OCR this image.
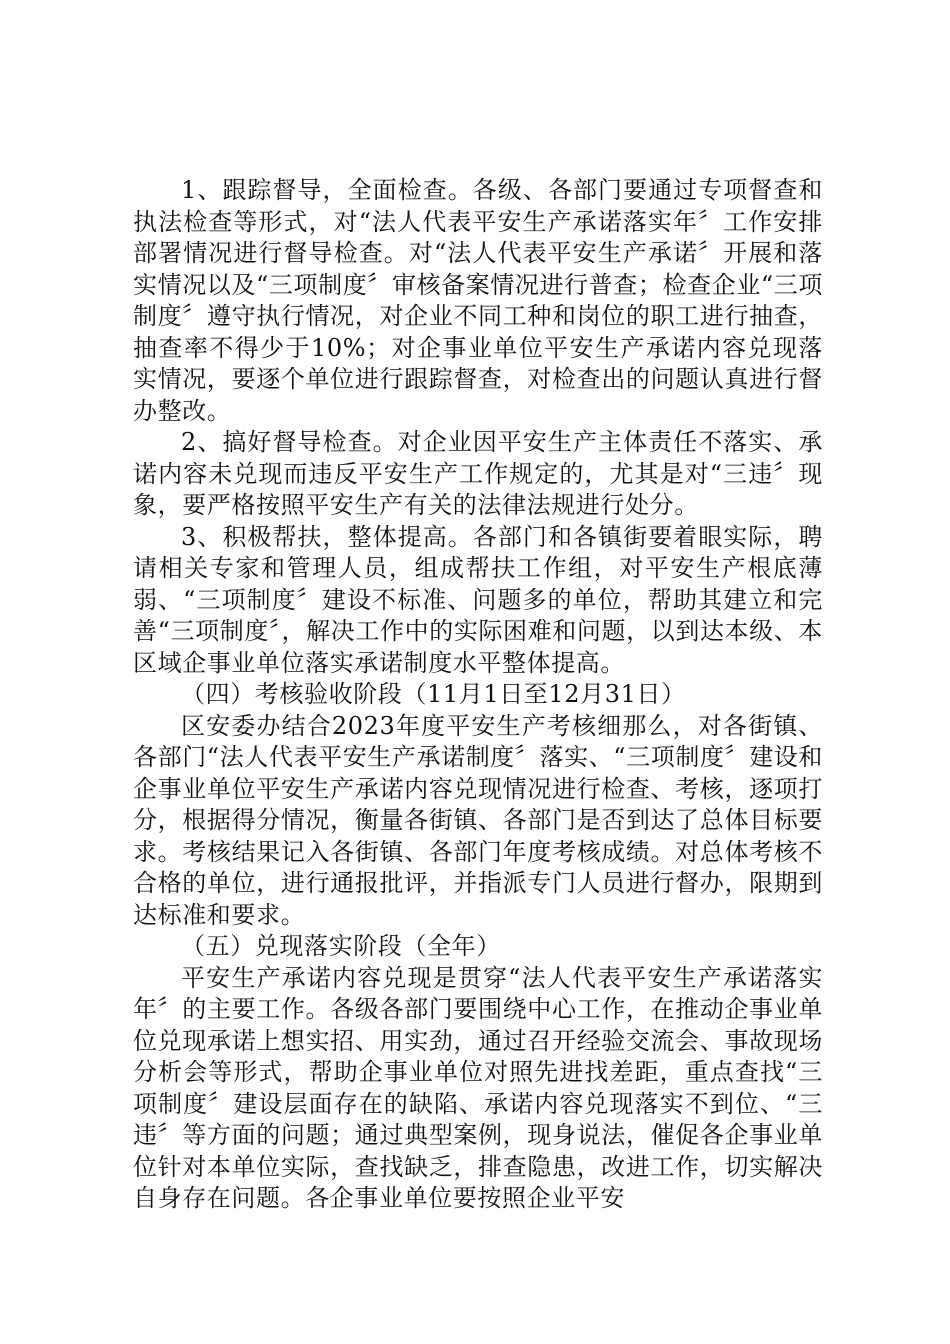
1、跟踪督导，全面检查。各级、各部门要通过专项督查和执法检查等形式，对“法人代表平安生产承诺落实年〞工作安排部署情况进行督导检查。对“法人代表平安生产承诺〞开展和落实情况以及“三项制度〞审核备案情况进行普查；检查企业“三项制度〞遵守执行情况，对企业不同工种和岗位的职工进行抽查，抽查率不得少于10%；对企事业单位平安生产承诺内容兑现落实情况，要逐个单位进行跟踪督查，对检查出的问题认真进行督办整改。

2、搞好督导检查。对企业因平安生产主体责任不落实、承诺内容未兑现而违反平安生产工作规定的，尤其是对“三违〞现象，要严格按照平安生产有关的法律法规进行处分。

3、积极帮扶，整体提高。各部门和各镇街要着眼实际，聘请相关专家和管理人员，组成帮扶工作组，对平安生产根底薄弱、“三项制度〞建设不标准、问题多的单位，帮助其建立和完善“三项制度〞，解决工作中的实际困难和问题，以到达本级、本区域企事业单位落实承诺制度水平整体提高。

（四）考核验收阶段（11月1日至12月31日）

区安委办结合2023年度平安生产考核细那么，对各街镇、各部门“法人代表平安生产承诺制度〞落实、“三项制度〞建设和企事业单位平安生产承诺内容兑现情况进行检查、考核，逐项打分，根据得分情况，衡量各街镇、各部门是否到达了总体目标要求。考核结果记入各街镇、各部门年度考核成绩。对总体考核不合格的单位，进行通报批评，并指派专门人员进行督办，限期到达标准和要求。

（五）兑现落实阶段（全年）

平安生产承诺内容兑现是贯穿“法人代表平安生产承诺落实年〞的主要工作。各级各部门要围绕中心工作，在推动企事业单位兑现承诺上想实招、用实劲，通过召开经验交流会、事故现场分析会等形式，帮助企事业单位对照先进找差距，重点查找“三项制度〞建设层面存在的缺陷、承诺内容兑现落实不到位、“三违〞等方面的问题；通过典型案例，现身说法，催促各企事业单位针对本单位实际，查找缺乏，排查隐患，改进工作，切实解决自身存在问题。各企事业单位要按照企业平安
